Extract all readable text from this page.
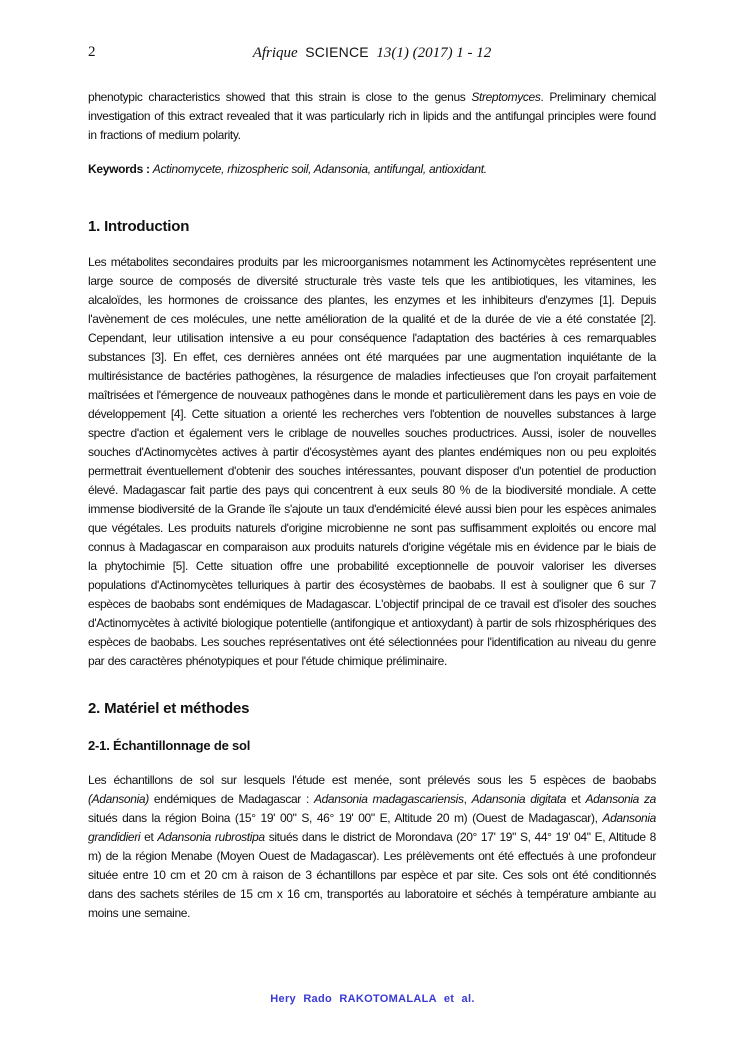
2	Afrique SCIENCE 13(1) (2017) 1 - 12
phenotypic characteristics showed that this strain is close to the genus Streptomyces. Preliminary chemical investigation of this extract revealed that it was particularly rich in lipids and the antifungal principles were found in fractions of medium polarity.
Keywords : Actinomycete, rhizospheric soil, Adansonia, antifungal, antioxidant.
1. Introduction
Les métabolites secondaires produits par les microorganismes notamment les Actinomycètes représentent une large source de composés de diversité structurale très vaste tels que les antibiotiques, les vitamines, les alcaloïdes, les hormones de croissance des plantes, les enzymes et les inhibiteurs d'enzymes [1]. Depuis l'avènement de ces molécules, une nette amélioration de la qualité et de la durée de vie a été constatée [2]. Cependant, leur utilisation intensive a eu pour conséquence l'adaptation des bactéries à ces remarquables substances [3]. En effet, ces dernières années ont été marquées par une augmentation inquiétante de la multirésistance de bactéries pathogènes, la résurgence de maladies infectieuses que l'on croyait parfaitement maîtrisées et l'émergence de nouveaux pathogènes dans le monde et particulièrement dans les pays en voie de développement [4]. Cette situation a orienté les recherches vers l'obtention de nouvelles substances à large spectre d'action et également vers le criblage de nouvelles souches productrices. Aussi, isoler de nouvelles souches d'Actinomycètes actives à partir d'écosystèmes ayant des plantes endémiques non ou peu exploités permettrait éventuellement d'obtenir des souches intéressantes, pouvant disposer d'un potentiel de production élevé. Madagascar fait partie des pays qui concentrent à eux seuls 80 % de la biodiversité mondiale. A cette immense biodiversité de la Grande île s'ajoute un taux d'endémicité élevé aussi bien pour les espèces animales que végétales. Les produits naturels d'origine microbienne ne sont pas suffisamment exploités ou encore mal connus à Madagascar en comparaison aux produits naturels d'origine végétale mis en évidence par le biais de la phytochimie [5]. Cette situation offre une probabilité exceptionnelle de pouvoir valoriser les diverses populations d'Actinomycètes telluriques à partir des écosystèmes de baobabs. Il est à souligner que 6 sur 7 espèces de baobabs sont endémiques de Madagascar. L'objectif principal de ce travail est d'isoler des souches d'Actinomycètes à activité biologique potentielle (antifongique et antioxydant) à partir de sols rhizosphériques des espèces de baobabs. Les souches représentatives ont été sélectionnées pour l'identification au niveau du genre par des caractères phénotypiques et pour l'étude chimique préliminaire.
2. Matériel et méthodes
2-1. Échantillonnage de sol
Les échantillons de sol sur lesquels l'étude est menée, sont prélevés sous les 5 espèces de baobabs (Adansonia) endémiques de Madagascar : Adansonia madagascariensis, Adansonia digitata et Adansonia za situés dans la région Boina (15° 19' 00" S, 46° 19' 00" E, Altitude 20 m) (Ouest de Madagascar), Adansonia grandidieri et Adansonia rubrostipa situés dans le district de Morondava (20° 17' 19" S, 44° 19' 04" E, Altitude 8 m) de la région Menabe (Moyen Ouest de Madagascar). Les prélèvements ont été effectués à une profondeur située entre 10 cm et 20 cm à raison de 3 échantillons par espèce et par site. Ces sols ont été conditionnés dans des sachets stériles de 15 cm x 16 cm, transportés au laboratoire et séchés à température ambiante au moins une semaine.
Hery Rado RAKOTOMALALA et al.
